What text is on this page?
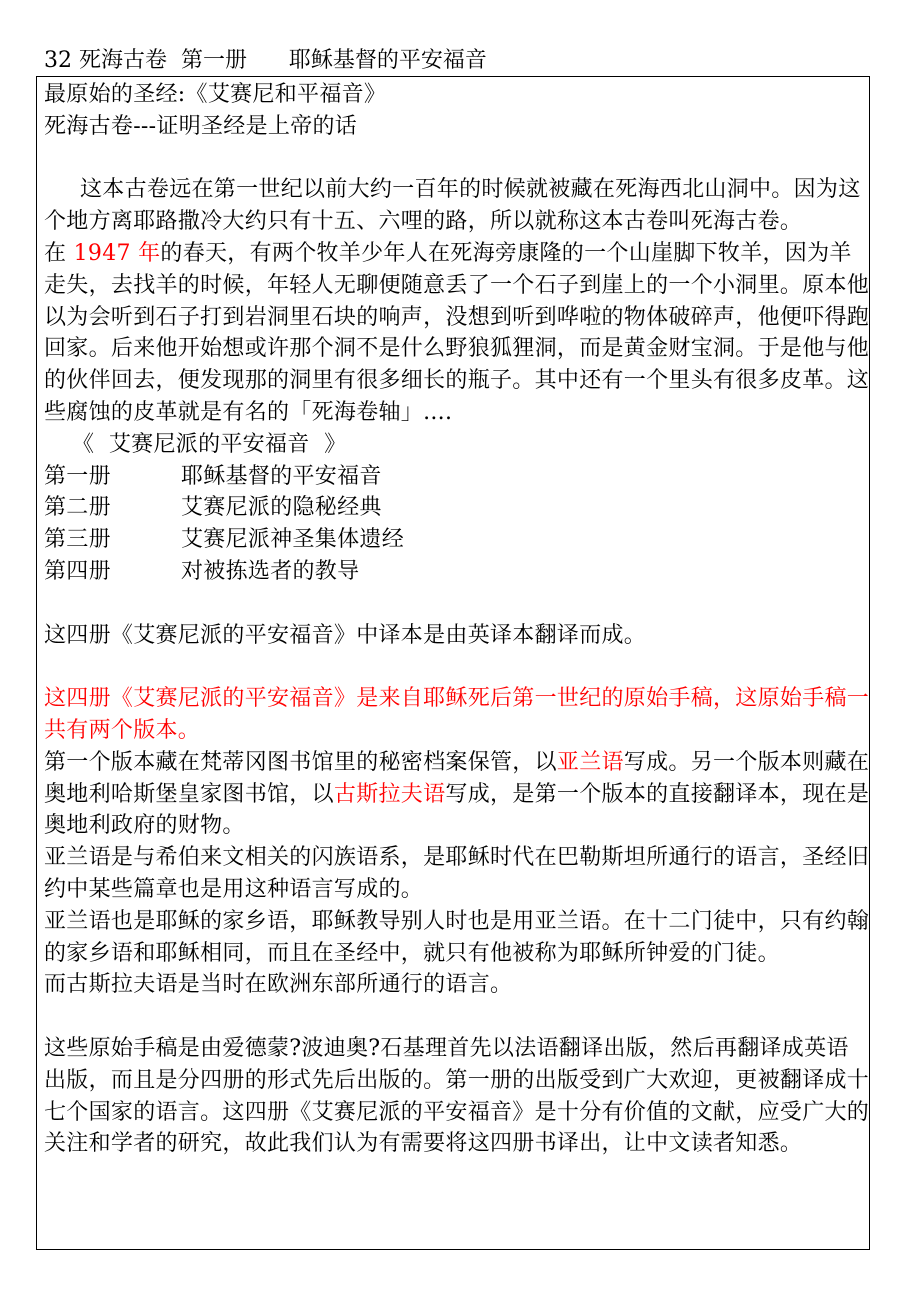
32 死海古卷  第一册      耶稣基督的平安福音

最原始的圣经:《艾赛尼和平福音》

死海古卷---证明圣经是上帝的话

这本古卷远在第一世纪以前大约一百年的时候就被藏在死海西北山洞中。因为这个地方离耶路撒冷大约只有十五、六哩的路，所以就称这本古卷叫死海古卷。

在 1947 年的春天，有两个牧羊少年人在死海旁康隆的一个山崖脚下牧羊，因为羊走失，去找羊的时候，年轻人无聊便随意丢了一个石子到崖上的一个小洞里。原本他以为会听到石子打到岩洞里石块的响声，没想到听到哗啦的物体破碎声，他便吓得跑回家。后来他开始想或许那个洞不是什么野狼狐狸洞，而是黄金财宝洞。于是他与他的伙伴回去，便发现那的洞里有很多细长的瓶子。其中还有一个里头有很多皮革。这些腐蚀的皮革就是有名的「死海卷轴」....

《  艾赛尼派的平安福音  》

第一册	耶稣基督的平安福音
第二册	艾赛尼派的隐秘经典
第三册	艾赛尼派神圣集体遗经
第四册	对被拣选者的教导

这四册《艾赛尼派的平安福音》中译本是由英译本翻译而成。

这四册《艾赛尼派的平安福音》是来自耶稣死后第一世纪的原始手稿，这原始手稿一共有两个版本。

第一个版本藏在梵蒂冈图书馆里的秘密档案保管，以亚兰语写成。另一个版本则藏在奥地利哈斯堡皇家图书馆，以古斯拉夫语写成，是第一个版本的直接翻译本，现在是奥地利政府的财物。

亚兰语是与希伯来文相关的闪族语系，是耶稣时代在巴勒斯坦所通行的语言，圣经旧约中某些篇章也是用这种语言写成的。

亚兰语也是耶稣的家乡语，耶稣教导别人时也是用亚兰语。在十二门徒中，只有约翰的家乡语和耶稣相同，而且在圣经中，就只有他被称为耶稣所钟爱的门徒。

而古斯拉夫语是当时在欧洲东部所通行的语言。

这些原始手稿是由爱德蒙?波迪奥?石基理首先以法语翻译出版，然后再翻译成英语出版，而且是分四册的形式先后出版的。第一册的出版受到广大欢迎，更被翻译成十七个国家的语言。这四册《艾赛尼派的平安福音》是十分有价值的文献，应受广大的关注和学者的研究，故此我们认为有需要将这四册书译出，让中文读者知悉。
